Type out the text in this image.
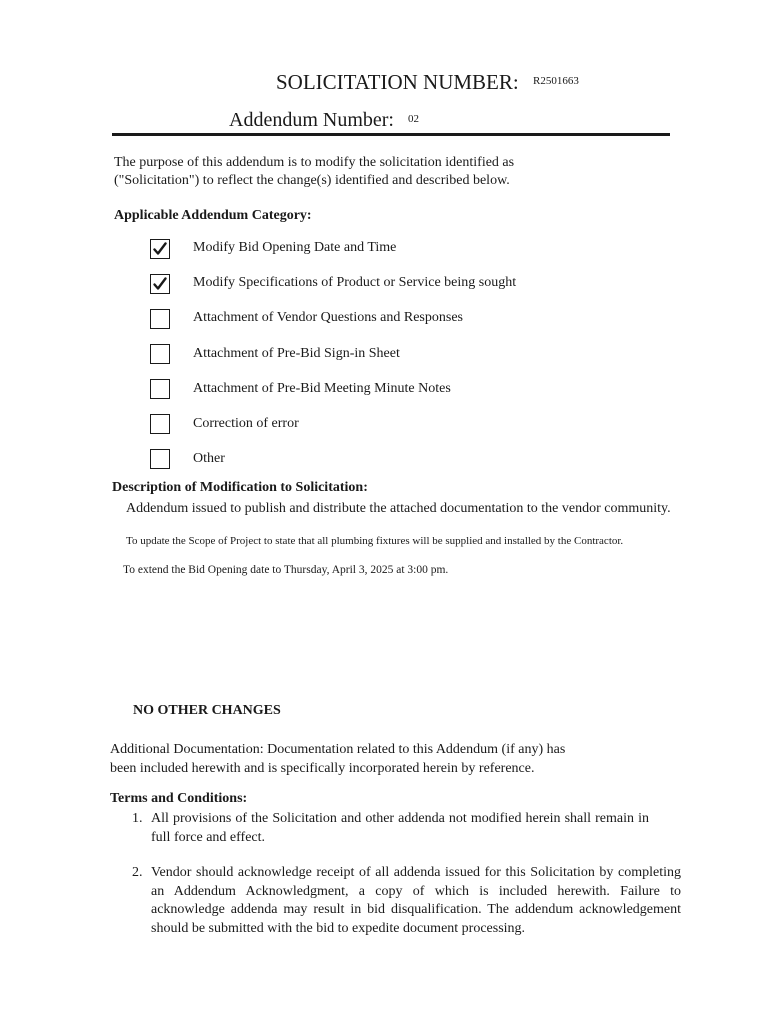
SOLICITATION NUMBER: R2501663
Addendum Number: 02
The purpose of this addendum is to modify the solicitation identified as
("Solicitation") to reflect the change(s) identified and described below.
Applicable Addendum Category:
Modify Bid Opening Date and Time
Modify Specifications of Product or Service being sought
Attachment of Vendor Questions and Responses
Attachment of Pre-Bid Sign-in Sheet
Attachment of Pre-Bid Meeting Minute Notes
Correction of error
Other
Description of Modification to Solicitation:
Addendum issued to publish and distribute the attached documentation to the vendor community.
To update the Scope of Project to state that all plumbing fixtures will be supplied and installed by the Contractor.
To extend the Bid Opening date to Thursday, April 3, 2025 at 3:00 pm.
NO OTHER CHANGES
Additional Documentation: Documentation related to this Addendum (if any) has
been included herewith and is specifically incorporated herein by reference.
Terms and Conditions:
1. All provisions of the Solicitation and other addenda not modified herein shall remain in full force and effect.
2. Vendor should acknowledge receipt of all addenda issued for this Solicitation by completing an Addendum Acknowledgment, a copy of which is included herewith. Failure to acknowledge addenda may result in bid disqualification. The addendum acknowledgement should be submitted with the bid to expedite document processing.
